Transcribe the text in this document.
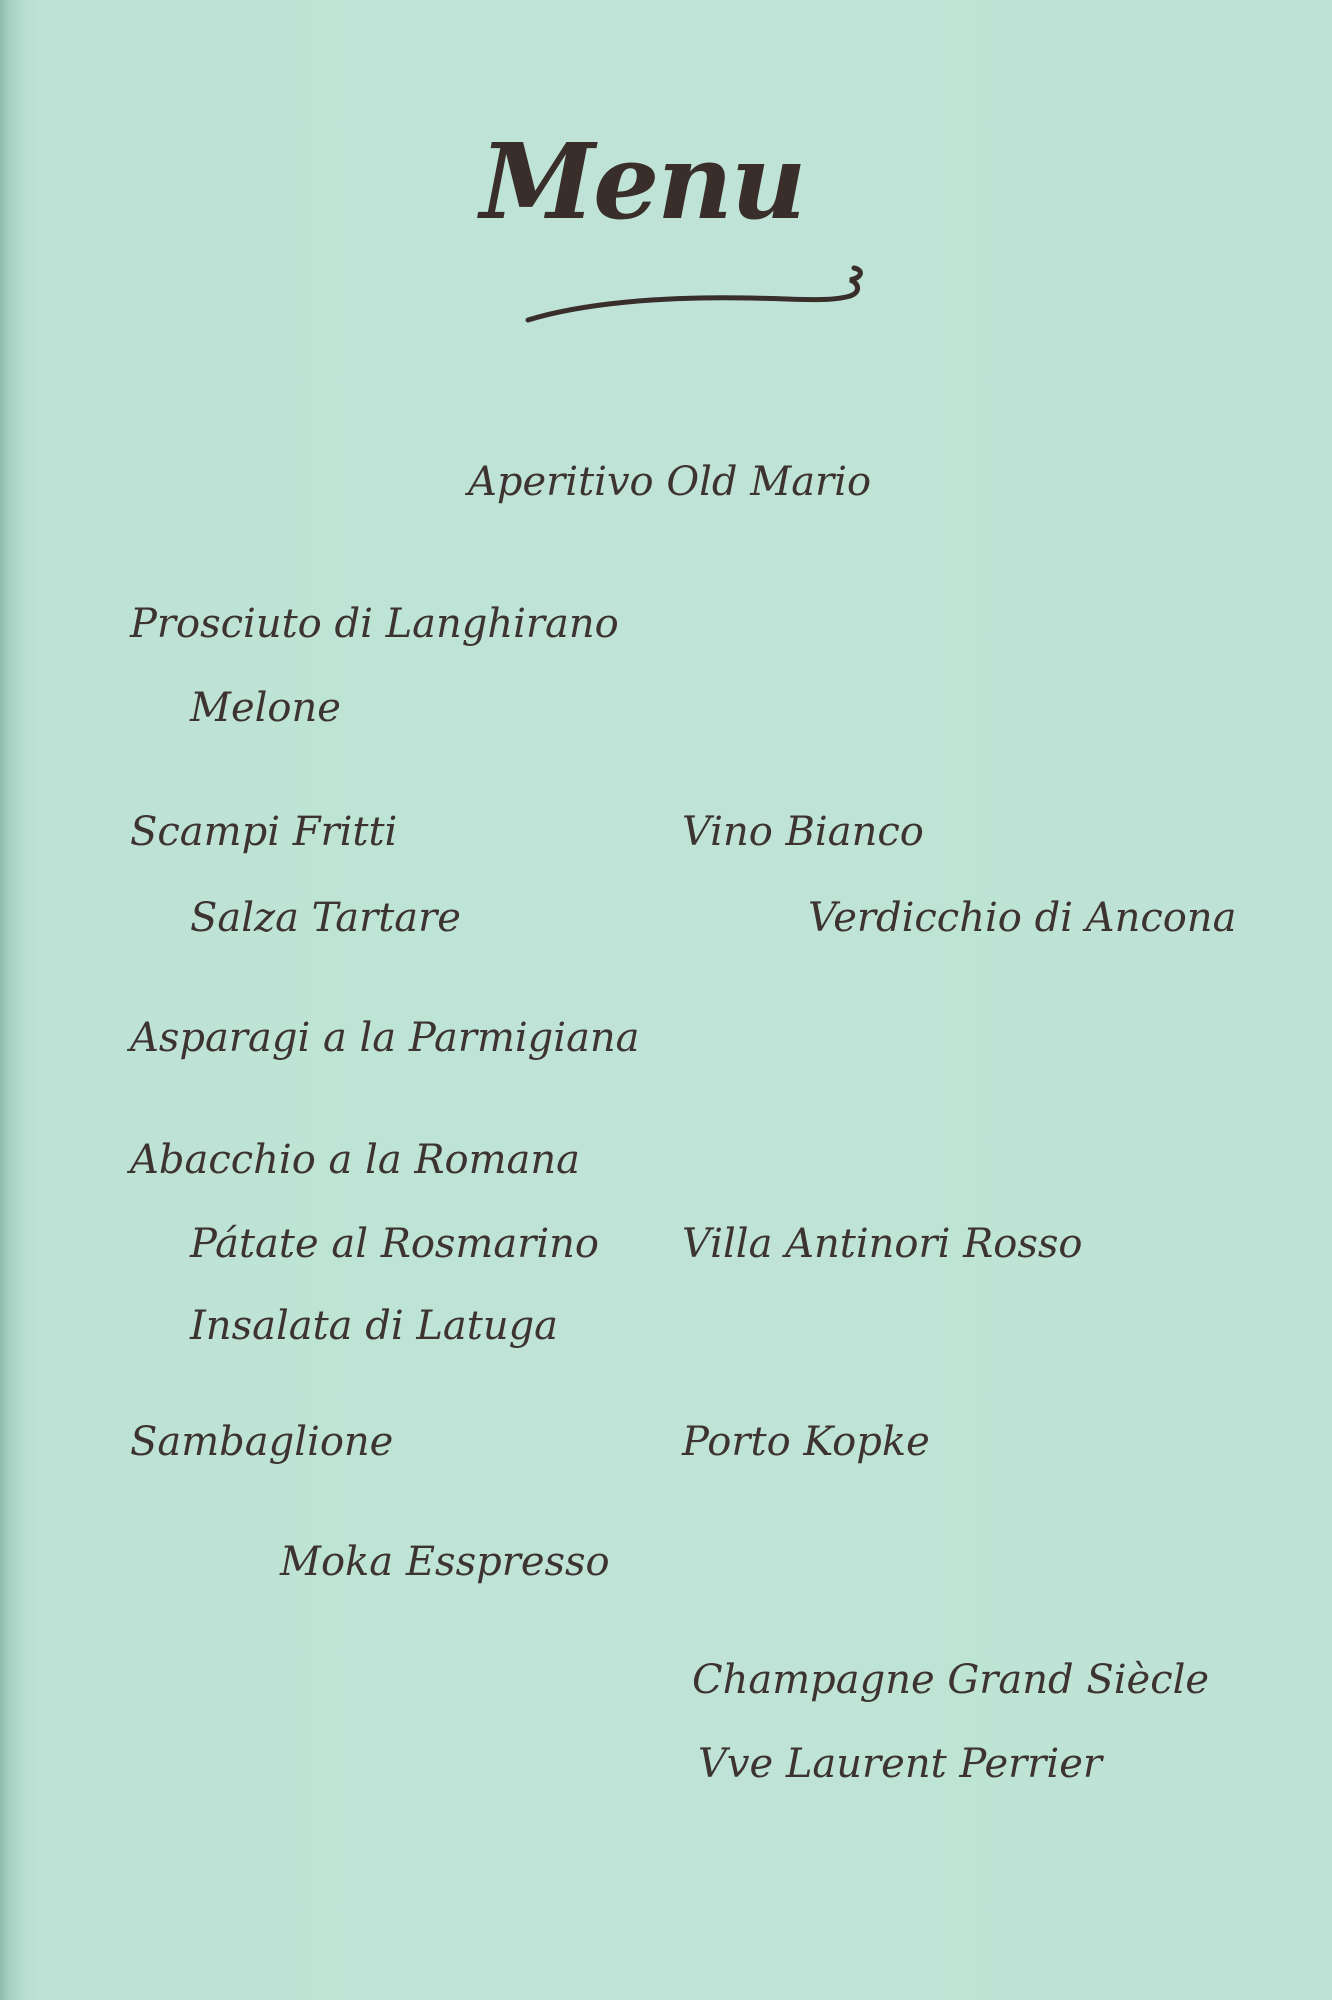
Menu
Aperitivo Old Mario
Prosciuto di Langhirano
Melone
Scampi Fritti
Salza Tartare
Vino Bianco
Verdicchio di Ancona
Asparagi a la Parmigiana
Abacchio a la Romana
Pátate al Rosmarino
Insalata di Latuga
Villa Antinori Rosso
Sambaglione	Porto Kopke
Moka Esspresso
Champagne Grand Siècle
Vve Laurent Perrier
